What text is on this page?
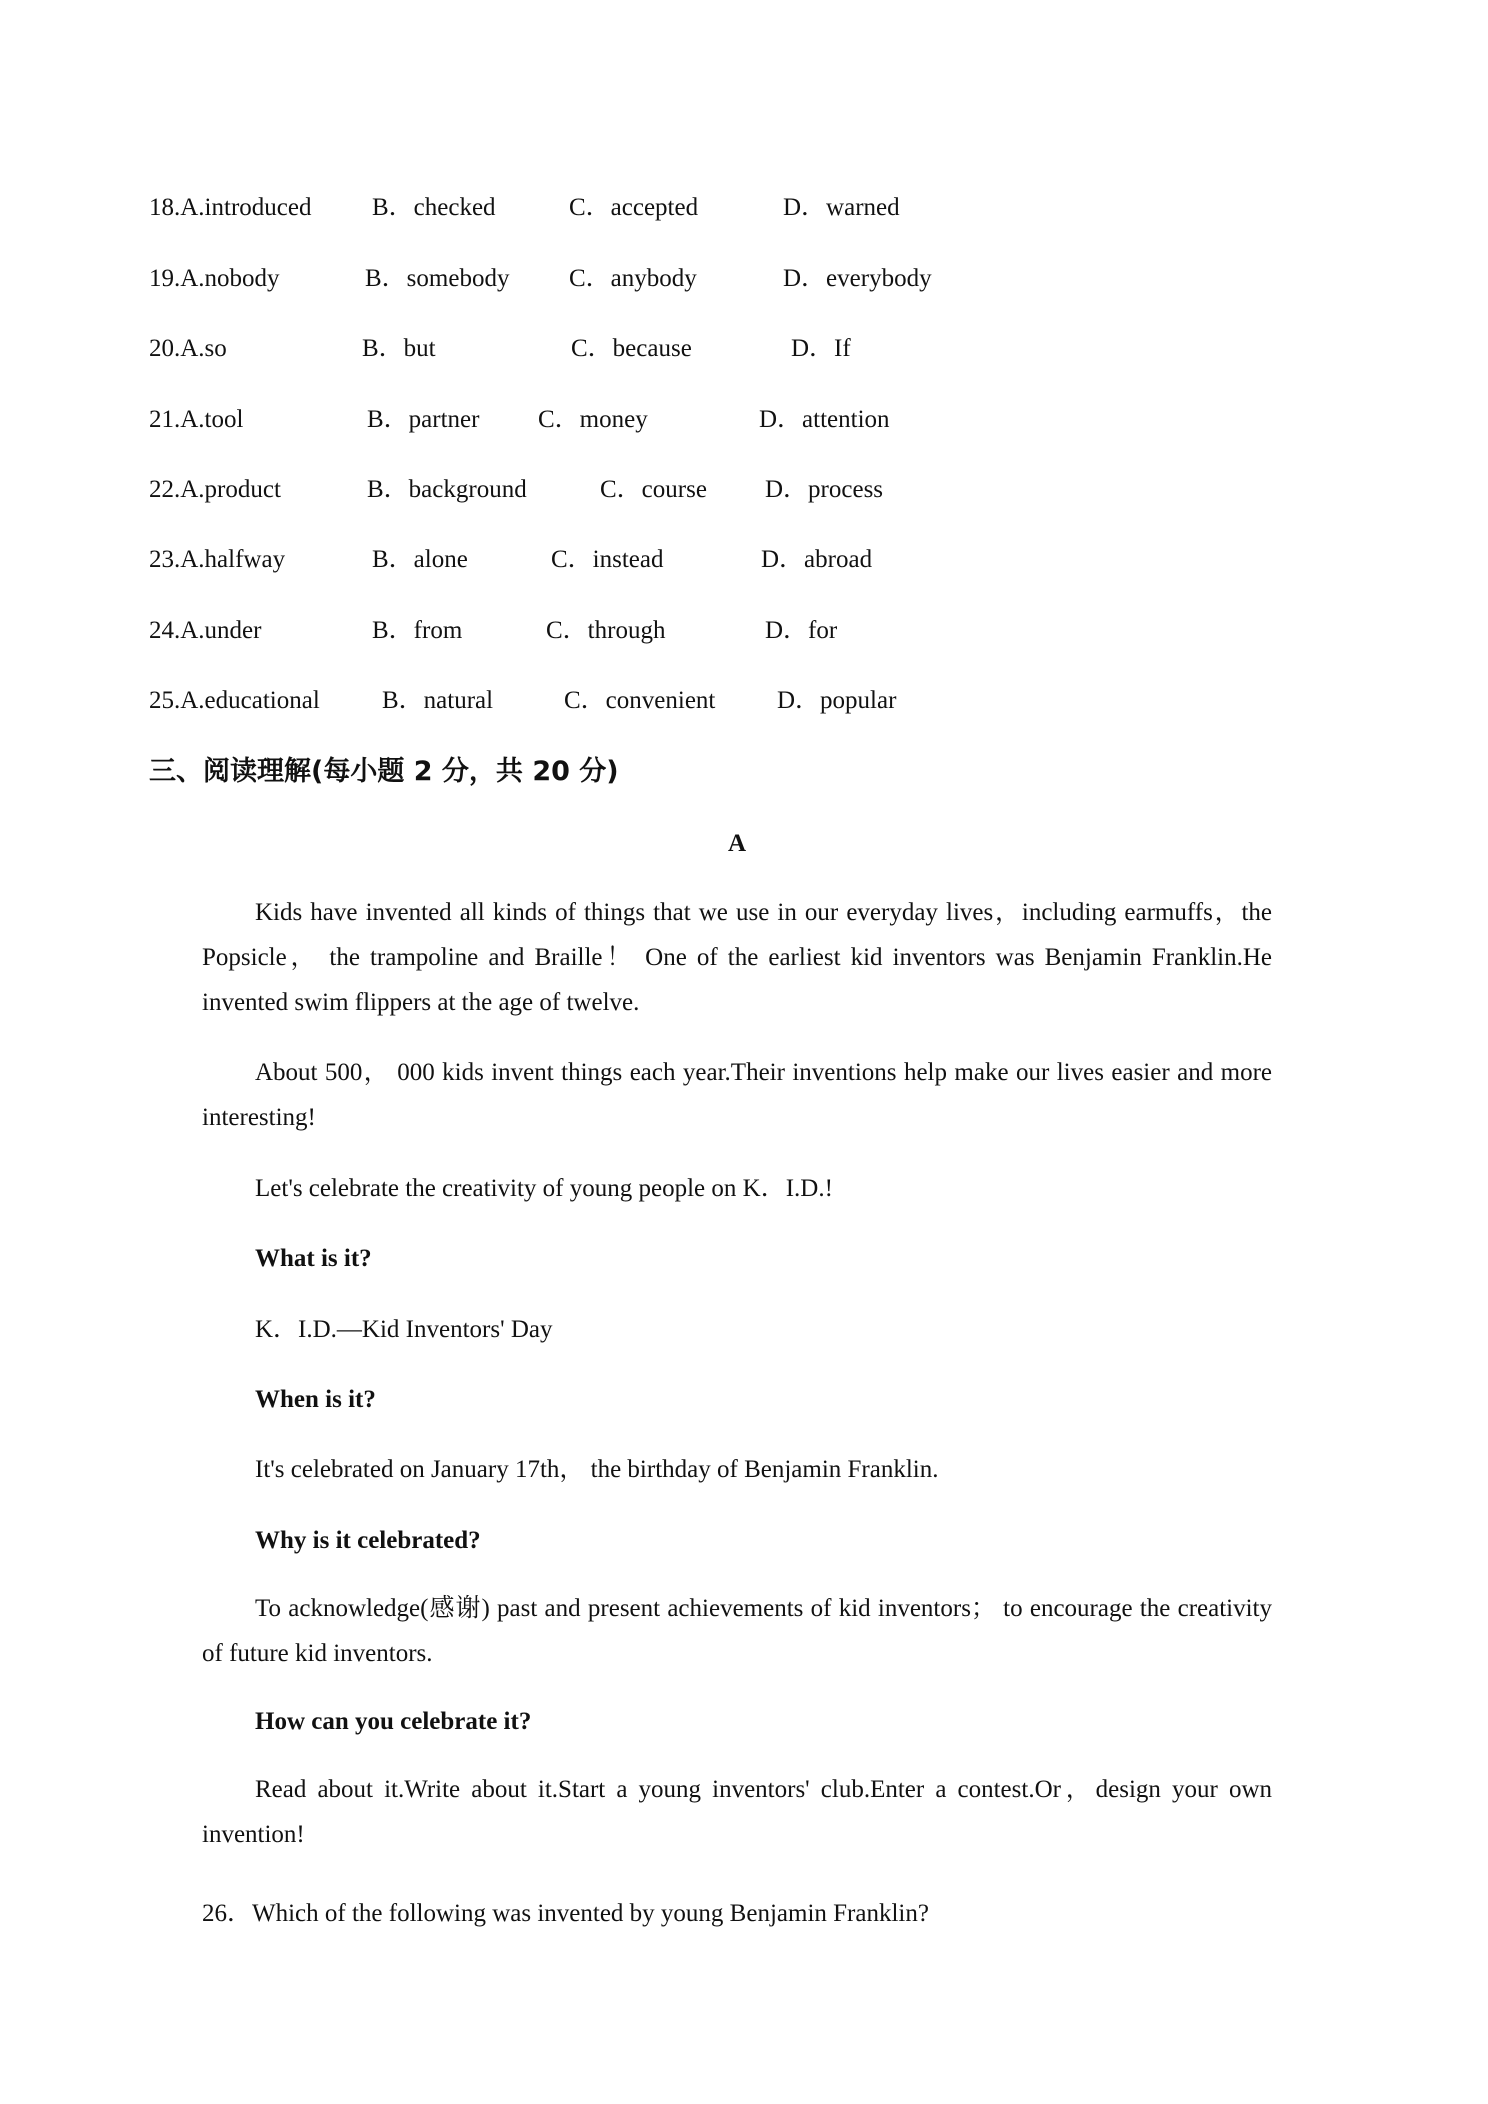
18.A.introduced B．checked	C．accepted	D．warned
19.A.nobody	B．somebody C．anybody	D．everybody
20.A.so	B．but	C．because	D．If
21.A.tool	B．partner C．money	D．attention
22.A.product	B．background	C．course D．process
23.A.halfway	B．alone	C．instead	D．abroad
24.A.under	B．from	C．through	D．for
25.A.educational B．natural	C．convenient D．popular
三、阅读理解(每小题 2 分，共 20 分)
A
Kids have invented all kinds of things that we use in our everyday lives，including earmuffs，the Popsicle， the trampoline and Braille！ One of the earliest kid inventors was Benjamin Franklin.He invented swim flippers at the age of twelve.
About 500， 000 kids invent things each year.Their inventions help make our lives easier and more interesting!
Let's celebrate the creativity of young people on K．I.D.!
What is it?
K．I.D.—Kid Inventors' Day
When is it?
It's celebrated on January 17th， the birthday of Benjamin Franklin.
Why is it celebrated?
To acknowledge(感谢) past and present achievements of kid inventors； to encourage the creativity of future kid inventors.
How can you celebrate it?
Read about it.Write about it.Start a young inventors' club.Enter a contest.Or，design your own invention!
26．Which of the following was invented by young Benjamin Franklin?
